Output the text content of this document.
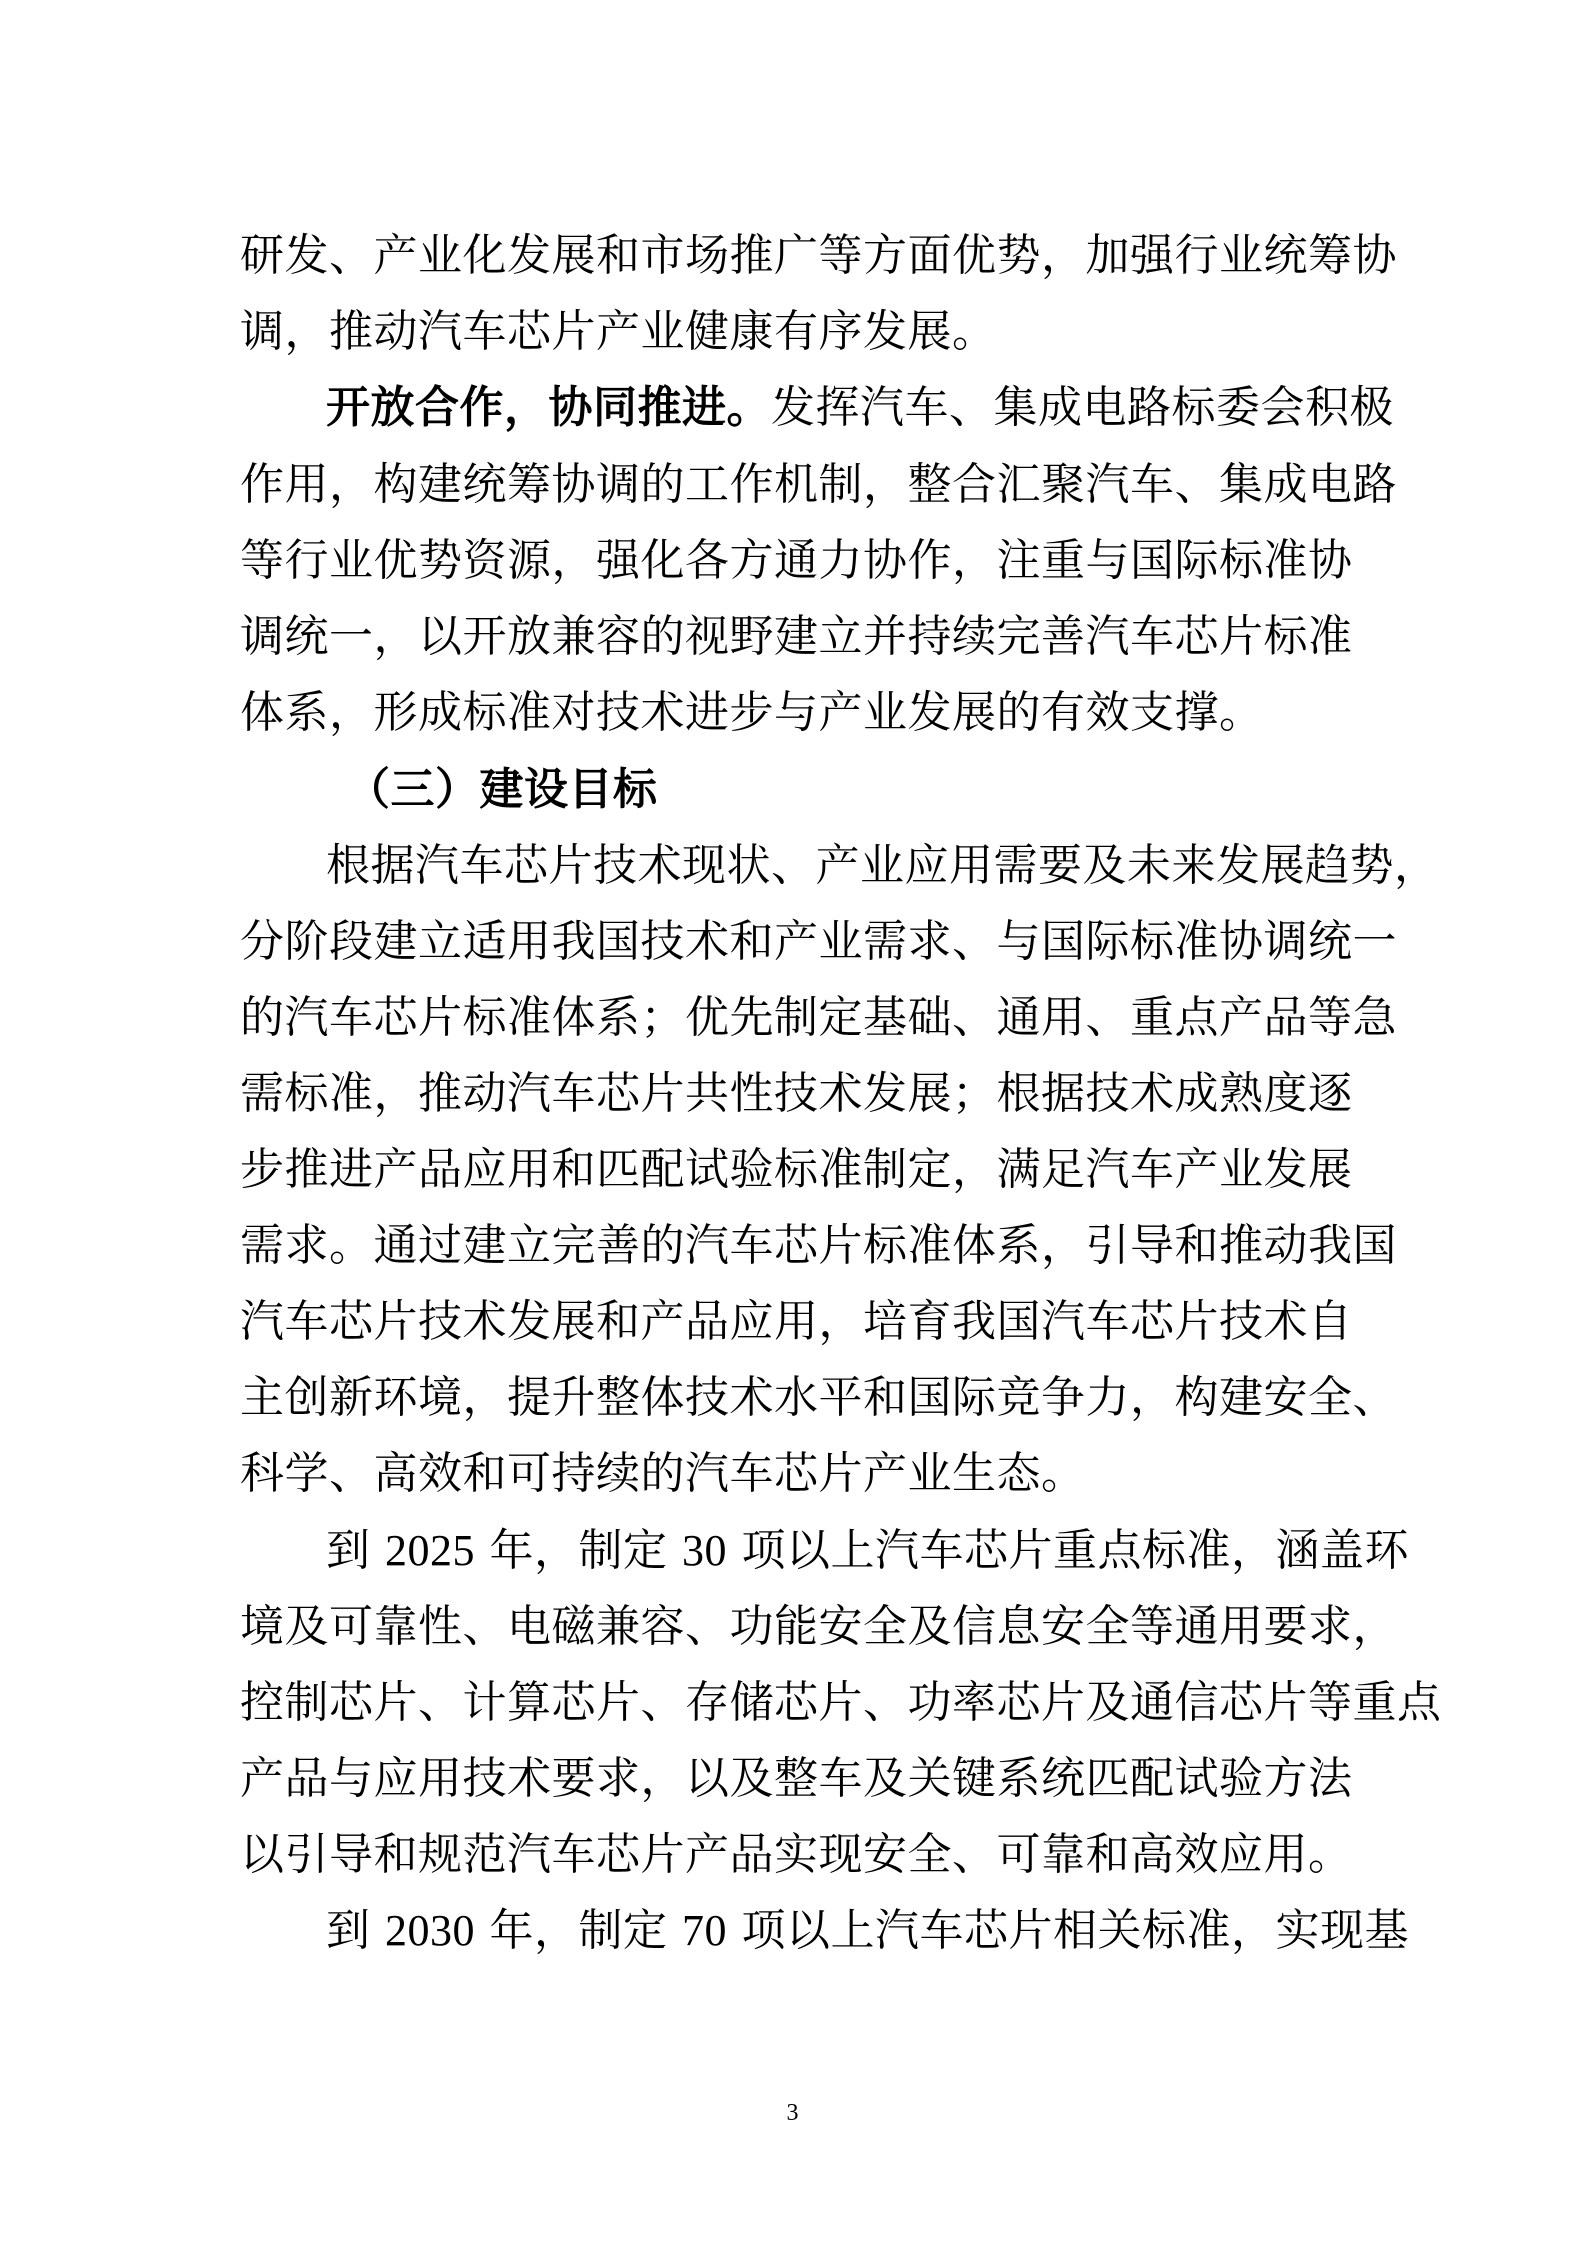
研发、产业化发展和市场推广等方面优势，加强行业统筹协
调，推动汽车芯片产业健康有序发展。
开放合作，协同推进。发挥汽车、集成电路标委会积极
作用，构建统筹协调的工作机制，整合汇聚汽车、集成电路
等行业优势资源，强化各方通力协作，注重与国际标准协
调统一，以开放兼容的视野建立并持续完善汽车芯片标准
体系，形成标准对技术进步与产业发展的有效支撑。
（三）建设目标
根据汽车芯片技术现状、产业应用需要及未来发展趋势，
分阶段建立适用我国技术和产业需求、与国际标准协调统一
的汽车芯片标准体系；优先制定基础、通用、重点产品等急
需标准，推动汽车芯片共性技术发展；根据技术成熟度逐
步推进产品应用和匹配试验标准制定，满足汽车产业发展
需求。通过建立完善的汽车芯片标准体系，引导和推动我国
汽车芯片技术发展和产品应用，培育我国汽车芯片技术自
主创新环境，提升整体技术水平和国际竞争力，构建安全、
科学、高效和可持续的汽车芯片产业生态。
到 2025 年，制定 30 项以上汽车芯片重点标准，涵盖环
境及可靠性、电磁兼容、功能安全及信息安全等通用要求，
控制芯片、计算芯片、存储芯片、功率芯片及通信芯片等重点
产品与应用技术要求，以及整车及关键系统匹配试验方法
以引导和规范汽车芯片产品实现安全、可靠和高效应用。
到 2030 年，制定 70 项以上汽车芯片相关标准，实现基
3
